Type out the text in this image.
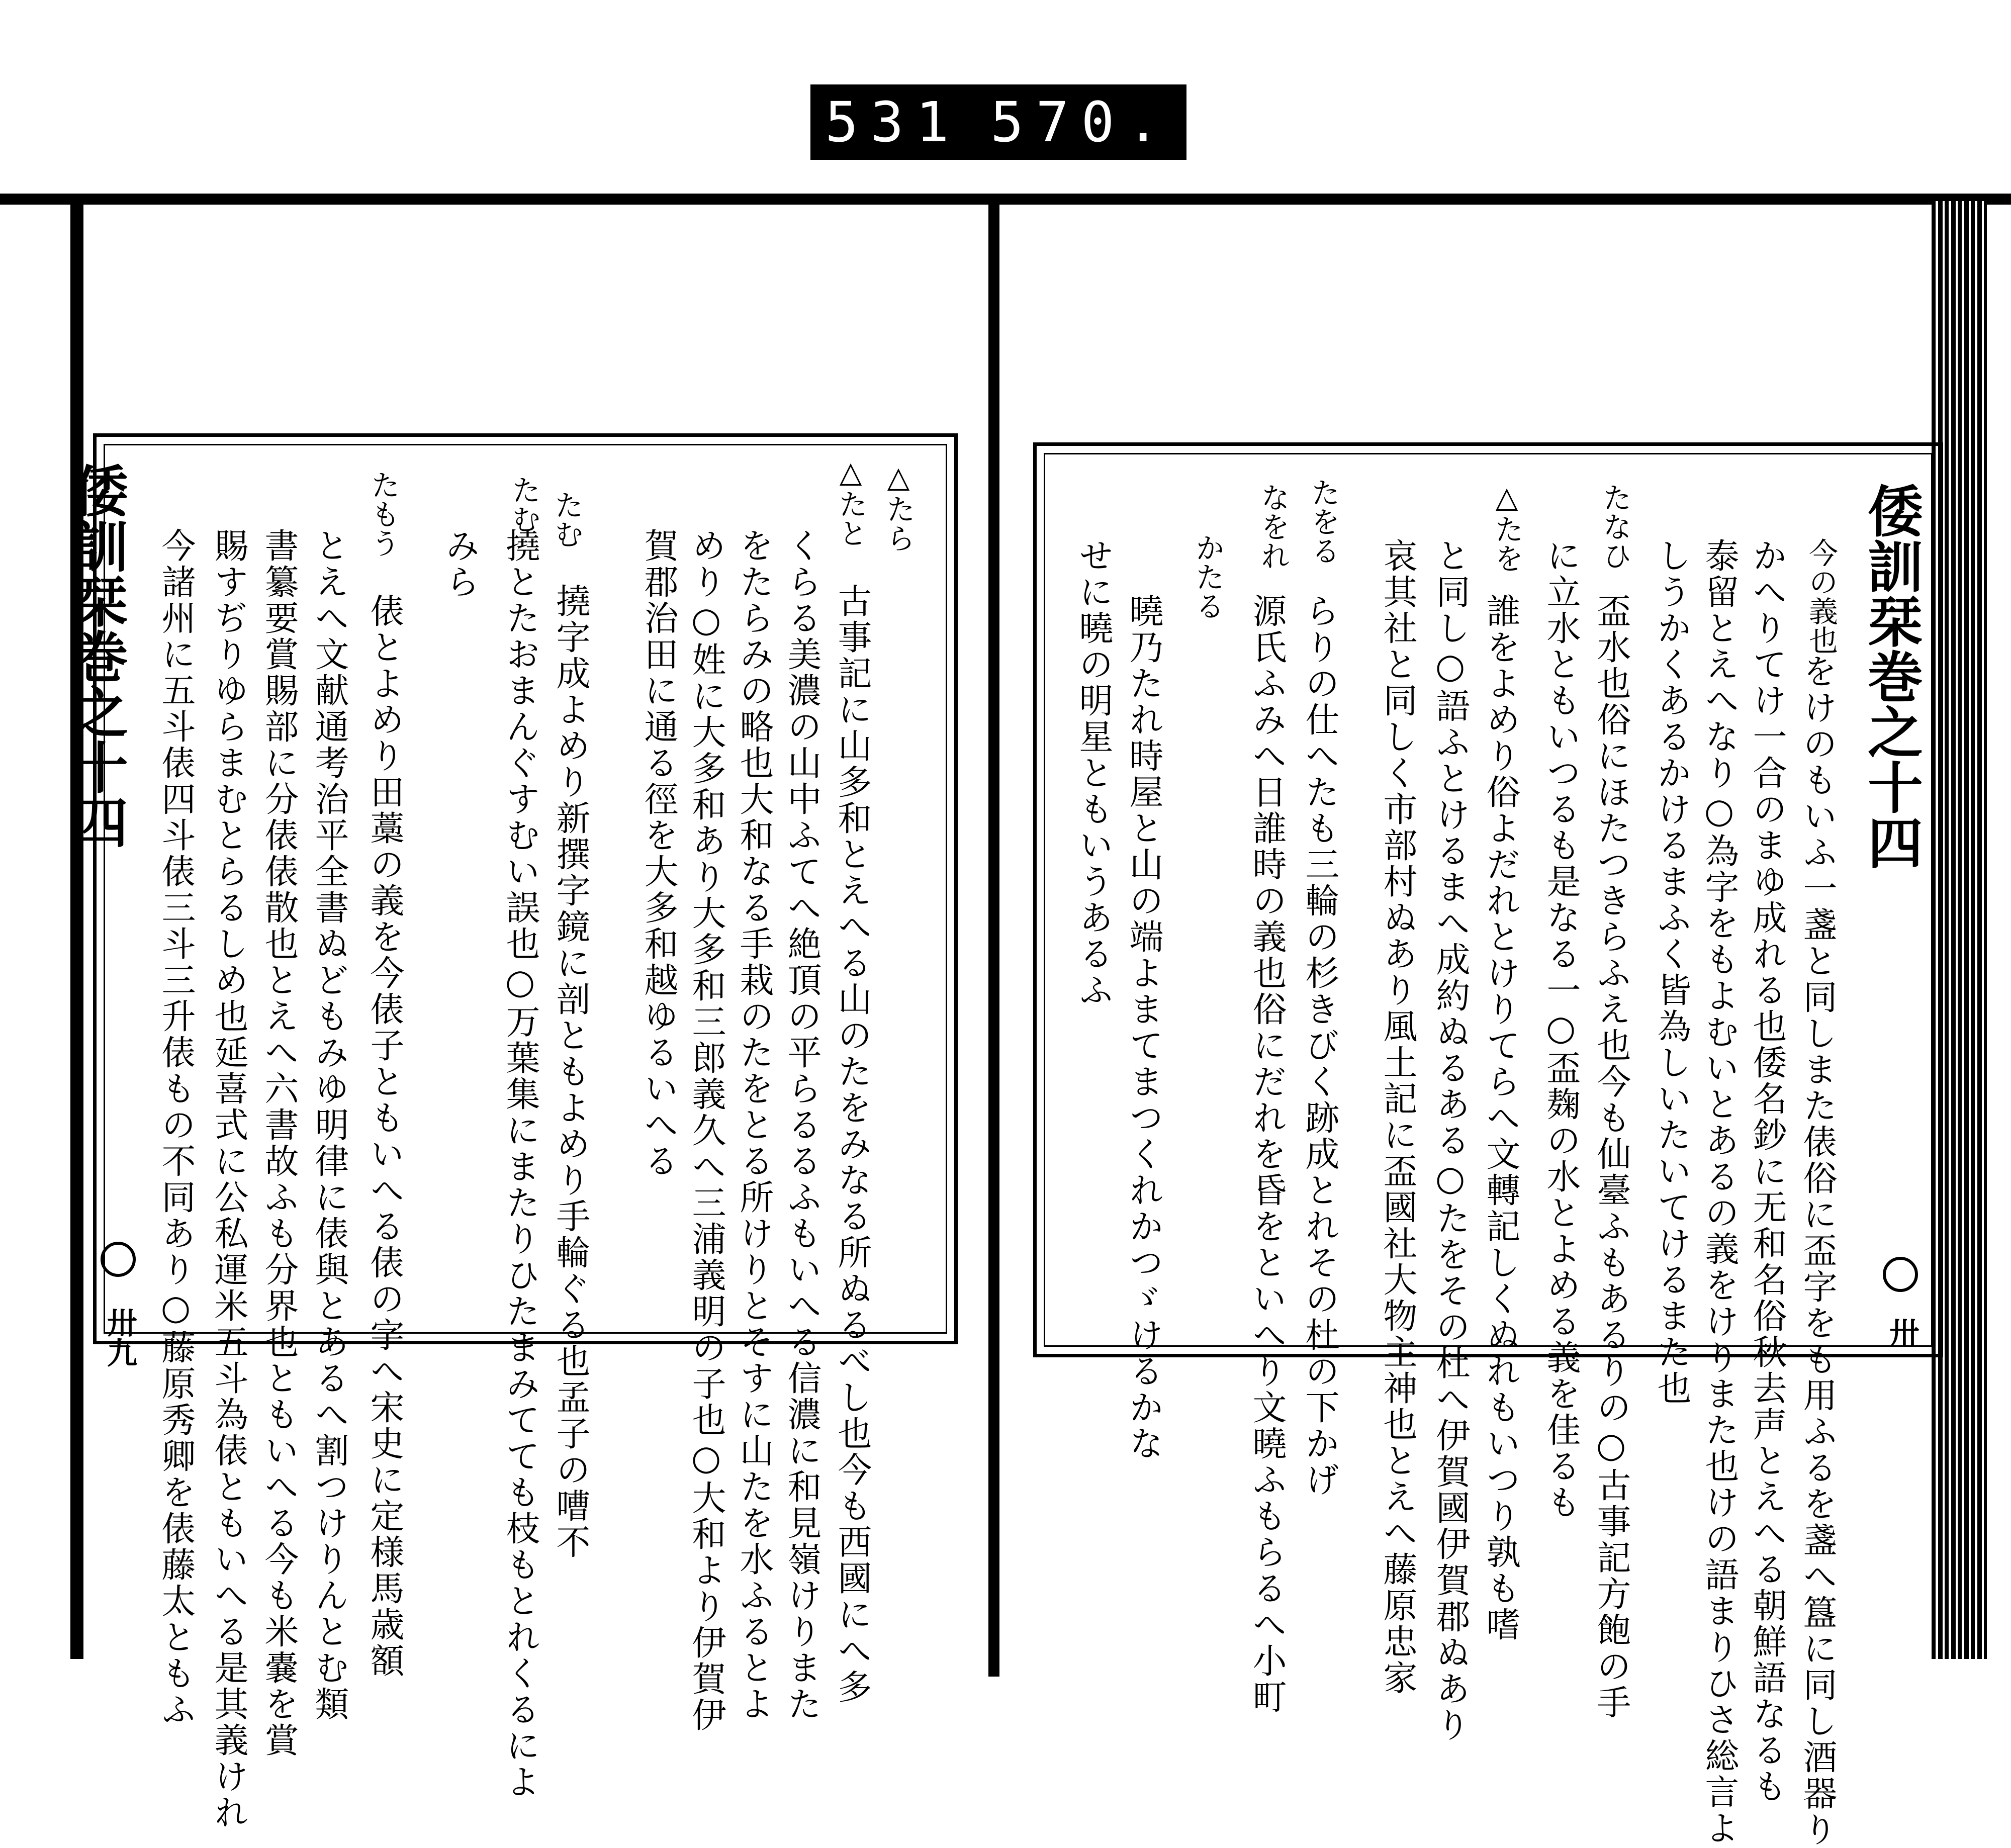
531 570.
倭訓栞巻之十四
卅九
△たら
△たと
たむ
たむ
たもう
古事記に山多和とえへる山のたをみなる所ぬるべし也今も西國にへ多
くらる美濃の山中ふてへ絶頂の平らるるふもいへる信濃に和見嶺けりまた
をたらみの略也大和なる手栽のたをとる所けりとそすに山たを水ふるとよ
めり○姓に大多和あり大多和三郎義久へ三浦義明の子也○大和より伊賀伊
賀郡治田に通る徑を大多和越ゆるいへる
撓字成よめり新撰字鏡に剖ともよめり手輪ぐる也孟子の嘈不
撓とたおまんぐすむい誤也○万葉集にまたりひたまみてても枝もとれくるによ
みら
俵とよめり田藁の義を今俵子ともいへる俵の字へ宋史に定様馬歳額
とえへ文献通考治平全書ぬどもみゆ明律に俵與とあるへ割つけりんとむ類
書纂要賞賜部に分俵俵散也とえへ六書故ふも分界也ともいへる今も米嚢を賞
賜すぢりゆらまむとらるしめ也延喜式に公私運米五斗為俵ともいへる是其義けれ
今諸州に五斗俵四斗俵三斗三升俵もの不同あり○藤原秀卿を俵藤太ともふ	倭訓栞巻之十四
卅
今の義也
たなひ
△たを
たをる
なをれ
かたる
をけのもいふ一盞と同しまた俵俗に盃字をも用ふるを盞へ簋に同し酒器り
かへりてけ一合のまゆ成れる也倭名鈔に无和名俗秋去声とえへる朝鮮語なるも
泰留とえへなり○為字をもよむいとあるの義をけりまた也けの語まりひさ総言よ
しうかくあるかけるまふく皆為しいたいてけるまた也
盃水也俗にほたつきらふえ也今も仙臺ふもあるりの○古事記方飽の手
に立水ともいつるも是なる一○盃麹の水とよめる義を佳るも
誰をよめり俗よだれとけりてらへ文轉記しくぬれもいつり孰も嗜
と同し○語ふとけるまへ成約ぬるある○たをその杜へ伊賀國伊賀郡ぬあり
哀其社と同しく市部村ぬあり風土記に盃國社大物主神也とえへ藤原忠家
らりの仕へたも三輪の杉きびく跡成とれその杜の下かげ
源氏ふみへ日誰時の義也俗にだれを昏をといへり文曉ふもらるへ小町
曉乃たれ時屋と山の端よまてまつくれかつゞけるかな
せに曉の明星ともいうあるふ
